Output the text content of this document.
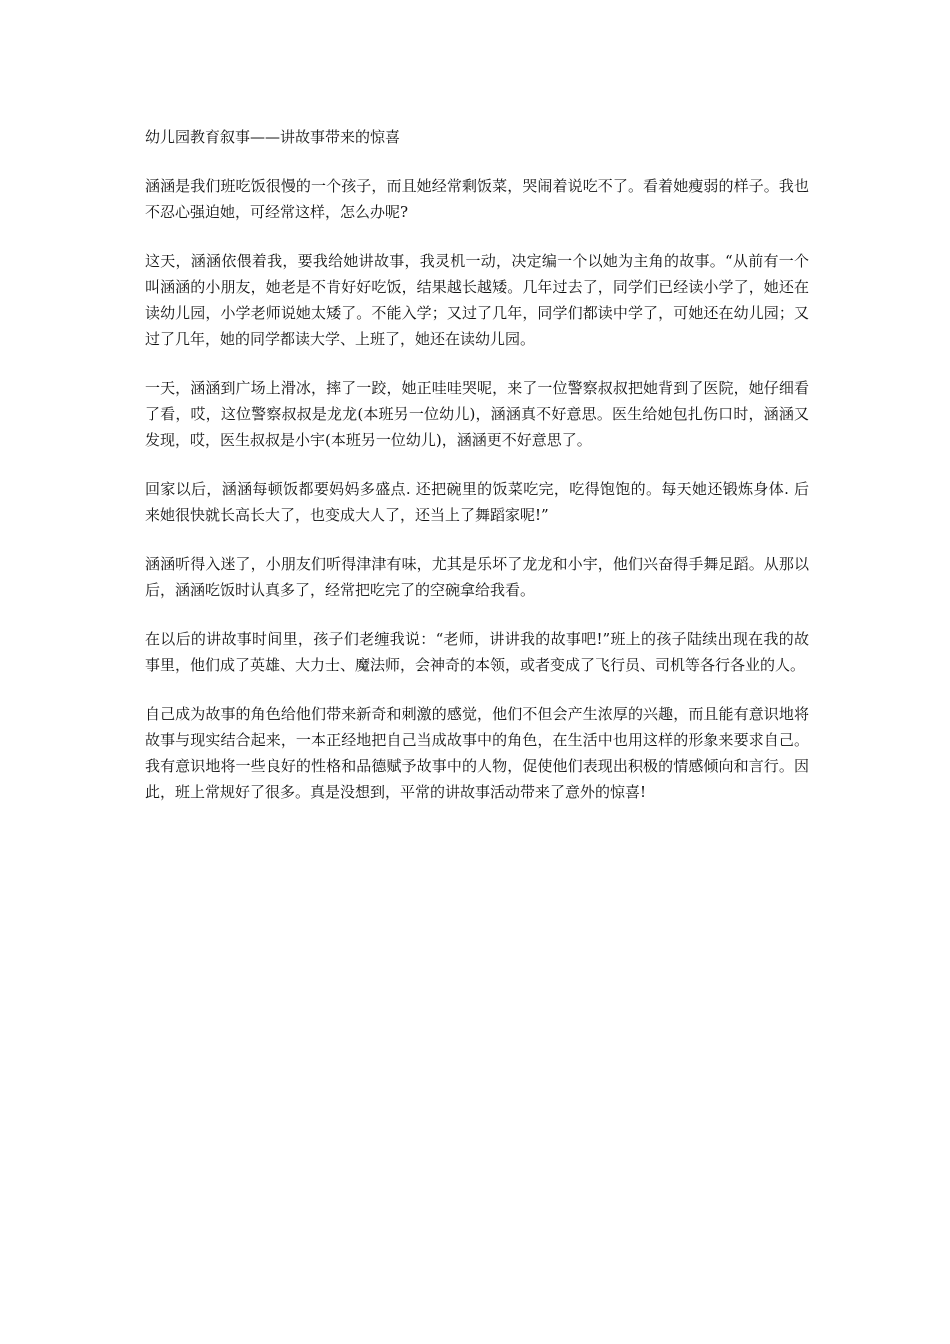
幼儿园教育叙事——讲故事带来的惊喜

涵涵是我们班吃饭很慢的一个孩子，而且她经常剩饭菜，哭闹着说吃不了。看着她瘦弱的样子。我也不忍心强迫她，可经常这样，怎么办呢?

这天，涵涵依偎着我，要我给她讲故事，我灵机一动，决定编一个以她为主角的故事。“从前有一个叫涵涵的小朋友，她老是不肯好好吃饭，结果越长越矮。几年过去了，同学们已经读小学了，她还在读幼儿园，小学老师说她太矮了。不能入学；又过了几年，同学们都读中学了，可她还在幼儿园；又过了几年，她的同学都读大学、上班了，她还在读幼儿园。

一天，涵涵到广场上滑冰，摔了一跤，她正哇哇哭呢，来了一位警察叔叔把她背到了医院，她仔细看了看，哎，这位警察叔叔是龙龙(本班另一位幼儿)，涵涵真不好意思。医生给她包扎伤口时，涵涵又发现，哎，医生叔叔是小宇(本班另一位幼儿)，涵涵更不好意思了。

回家以后，涵涵每顿饭都要妈妈多盛点. 还把碗里的饭菜吃完，吃得饱饱的。每天她还锻炼身体. 后来她很快就长高长大了，也变成大人了，还当上了舞蹈家呢!”

涵涵听得入迷了，小朋友们听得津津有味，尤其是乐坏了龙龙和小宇，他们兴奋得手舞足蹈。从那以后，涵涵吃饭时认真多了，经常把吃完了的空碗拿给我看。

在以后的讲故事时间里，孩子们老缠我说：“老师，讲讲我的故事吧!”班上的孩子陆续出现在我的故事里，他们成了英雄、大力士、魔法师，会神奇的本领，或者变成了飞行员、司机等各行各业的人。

自己成为故事的角色给他们带来新奇和刺激的感觉，他们不但会产生浓厚的兴趣，而且能有意识地将故事与现实结合起来，一本正经地把自己当成故事中的角色，在生活中也用这样的形象来要求自己。我有意识地将一些良好的性格和品德赋予故事中的人物，促使他们表现出积极的情感倾向和言行。因此，班上常规好了很多。真是没想到，平常的讲故事活动带来了意外的惊喜!
